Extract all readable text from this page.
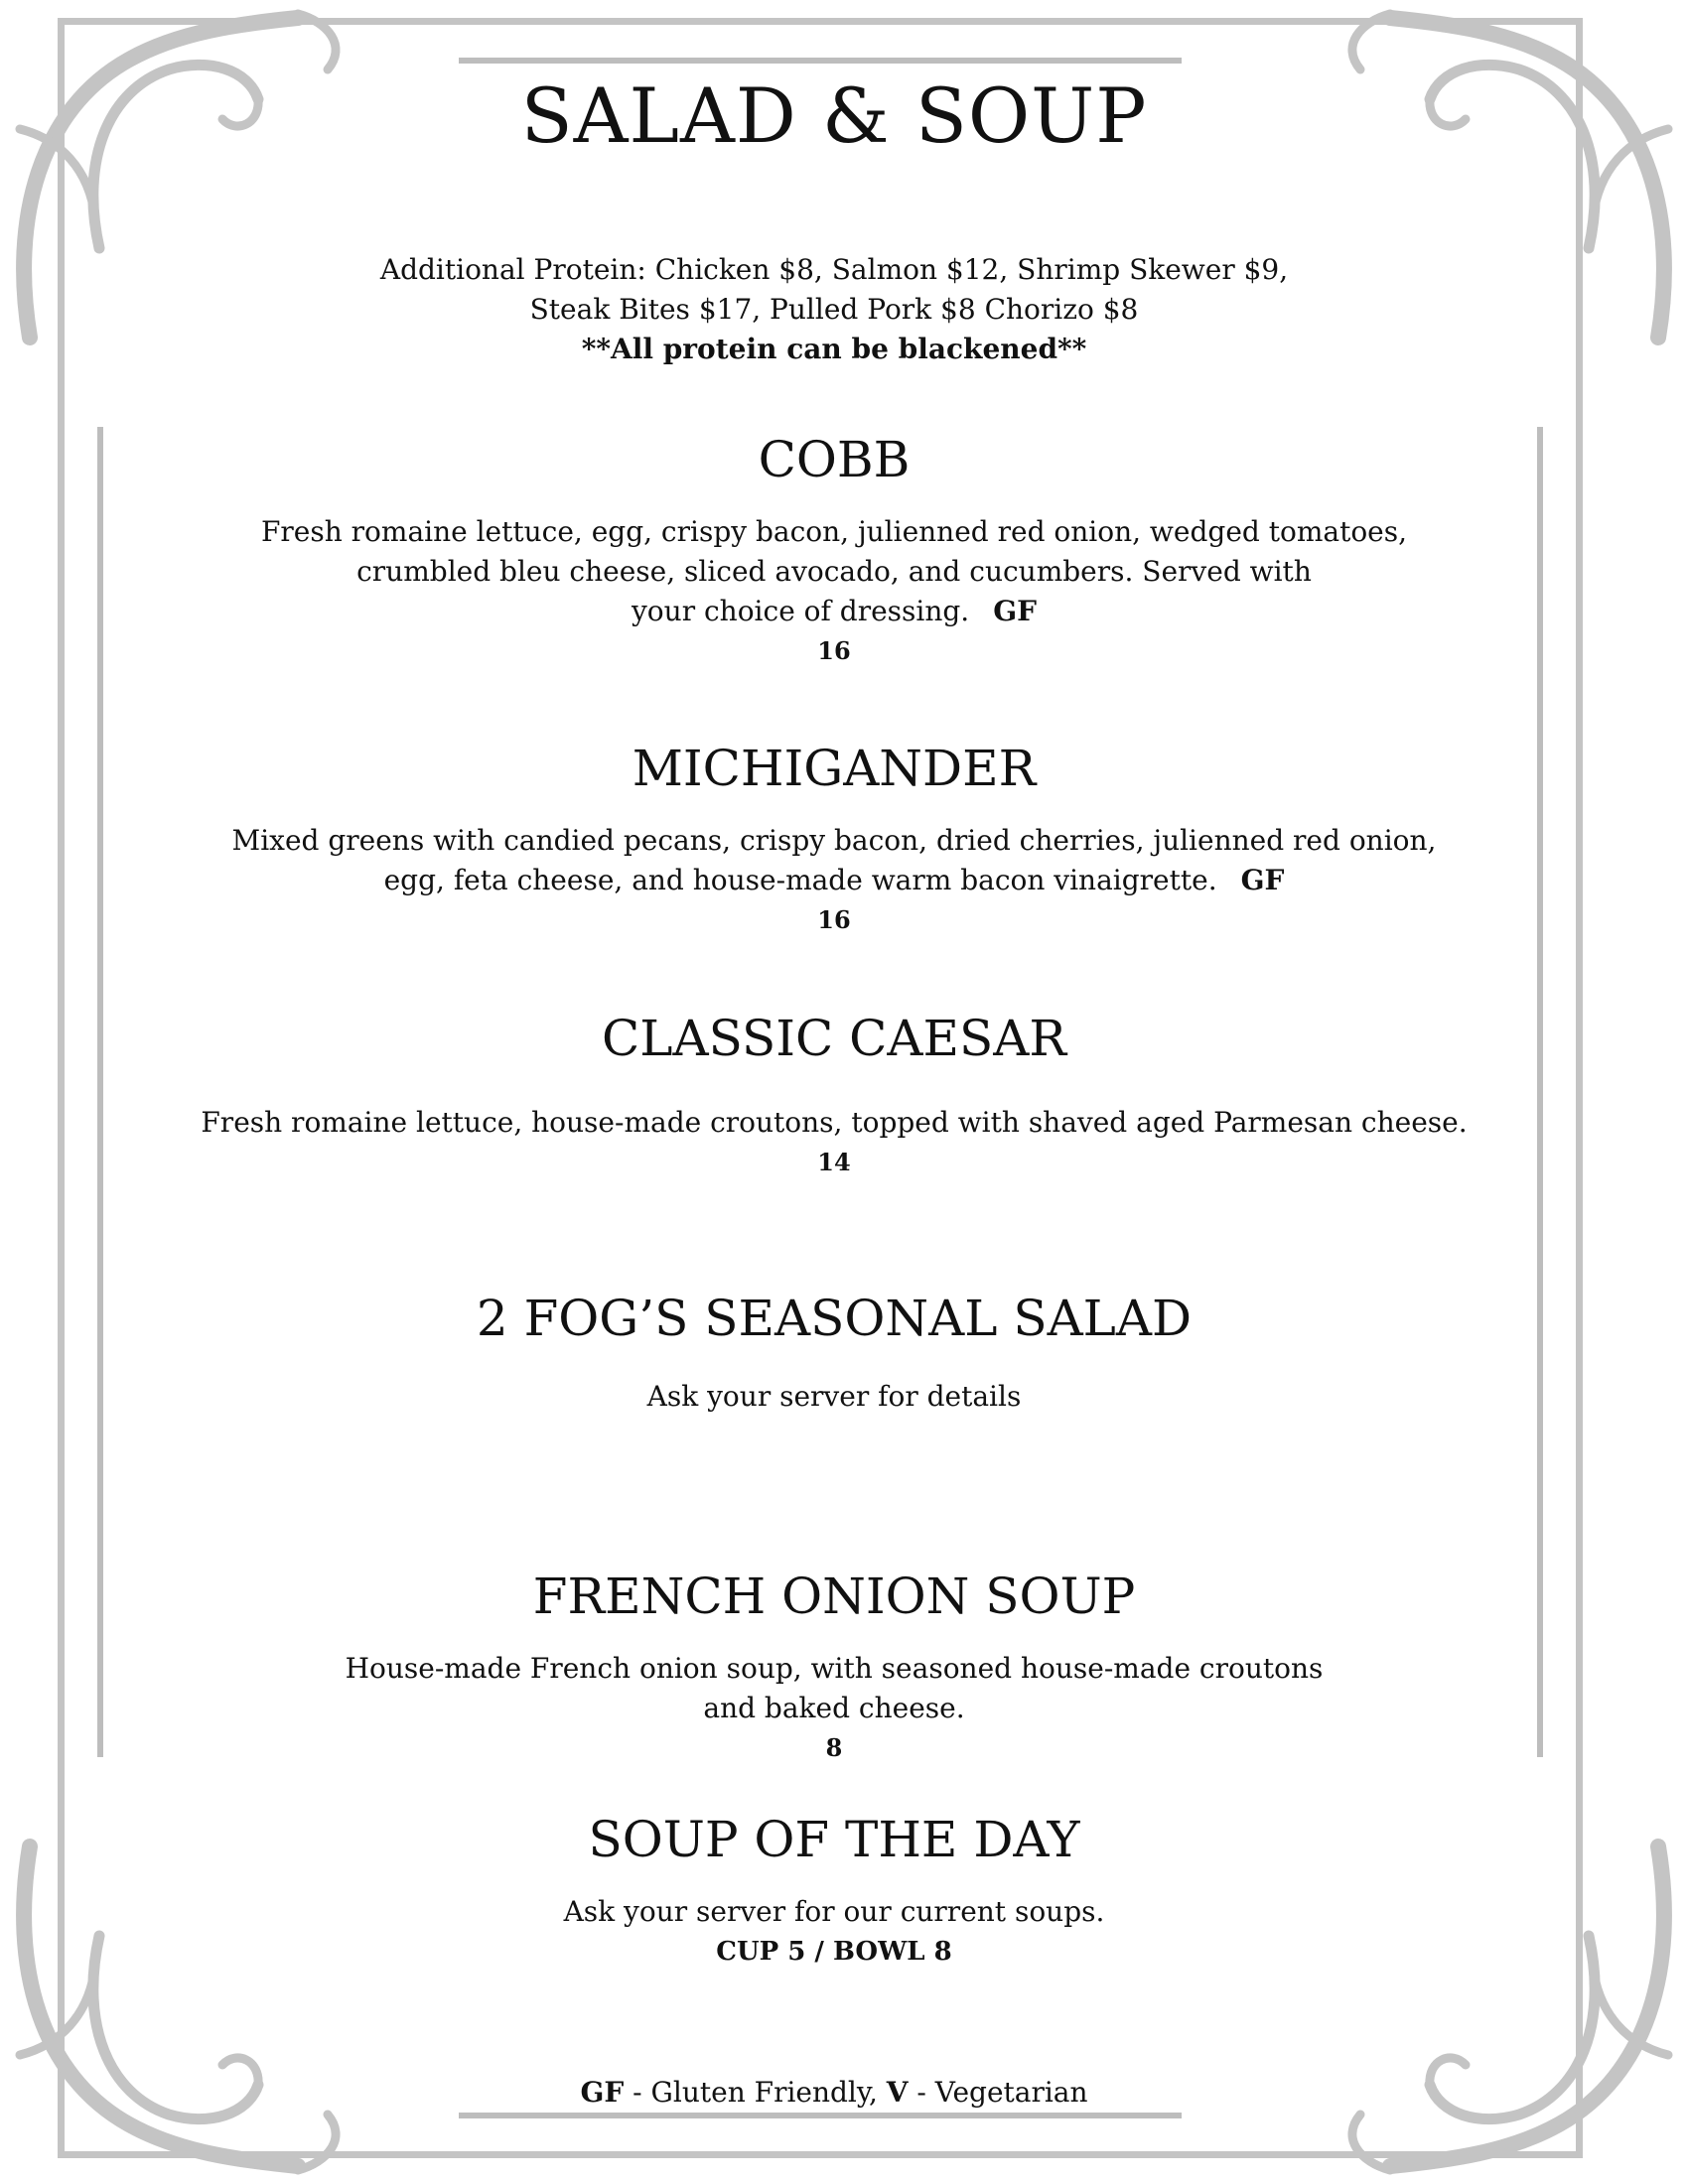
SALAD & SOUP
Additional Protein: Chicken $8, Salmon $12, Shrimp Skewer $9,
Steak Bites $17, Pulled Pork $8 Chorizo $8
**All protein can be blackened**
COBB
Fresh romaine lettuce, egg, crispy bacon, julienned red onion, wedged tomatoes,
crumbled bleu cheese, sliced avocado, and cucumbers. Served with
your choice of dressing. GF
16
MICHIGANDER
Mixed greens with candied pecans, crispy bacon, dried cherries, julienned red onion,
egg, feta cheese, and house-made warm bacon vinaigrette. GF
16
CLASSIC CAESAR
Fresh romaine lettuce, house-made croutons, topped with shaved aged Parmesan cheese.
14
2 FOG’S SEASONAL SALAD
Ask your server for details
FRENCH ONION SOUP
House-made French onion soup, with seasoned house-made croutons
and baked cheese.
8
SOUP OF THE DAY
Ask your server for our current soups.
CUP 5 / BOWL 8
GF - Gluten Friendly, V - Vegetarian
